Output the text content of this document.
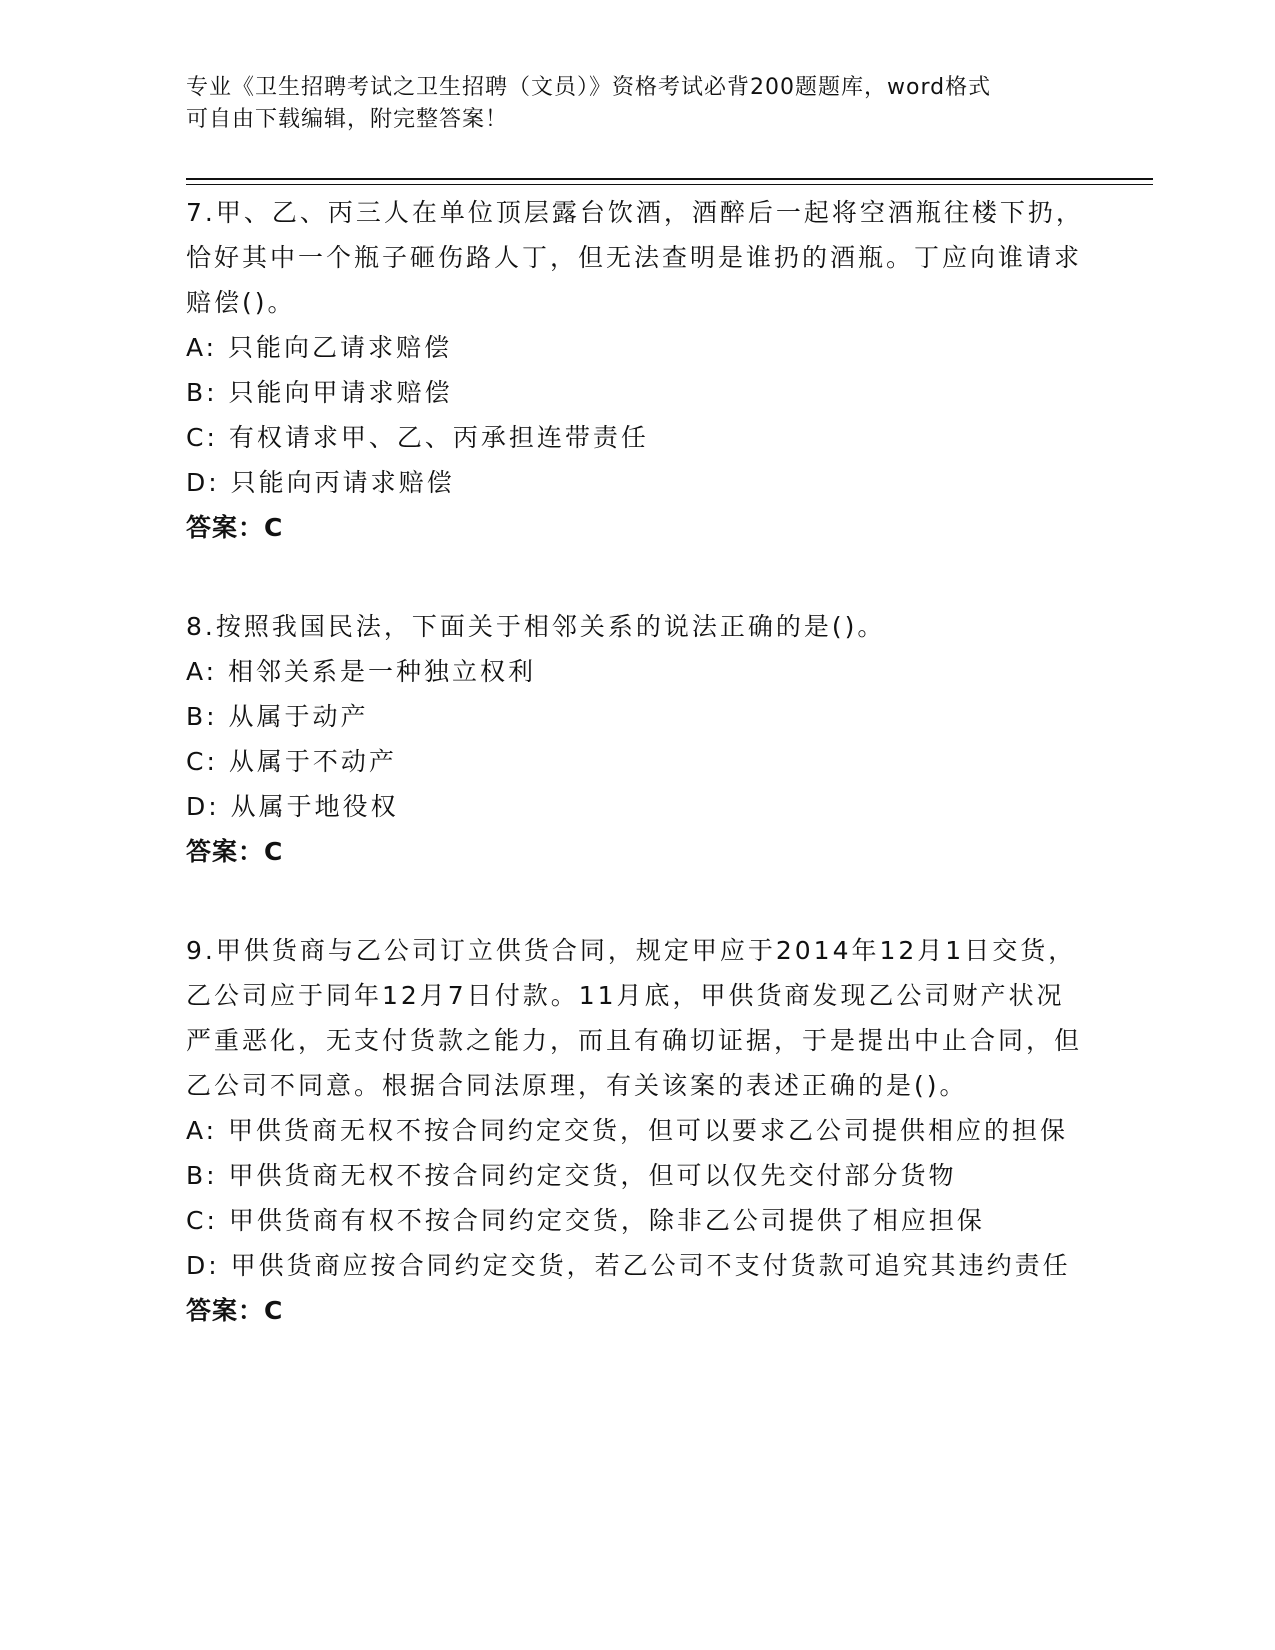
专业《卫生招聘考试之卫生招聘（文员）》资格考试必背200题题库，word格式
可自由下载编辑，附完整答案！

7.甲、乙、丙三人在单位顶层露台饮酒，酒醉后一起将空酒瓶往楼下扔，恰好其中一个瓶子砸伤路人丁，但无法查明是谁扔的酒瓶。丁应向谁请求赔偿()。

A: 只能向乙请求赔偿

B: 只能向甲请求赔偿

C: 有权请求甲、乙、丙承担连带责任

D: 只能向丙请求赔偿

答案：C

8.按照我国民法，下面关于相邻关系的说法正确的是()。

A: 相邻关系是一种独立权利

B: 从属于动产

C: 从属于不动产

D: 从属于地役权

答案：C

9.甲供货商与乙公司订立供货合同，规定甲应于2014年12月1日交货，乙公司应于同年12月7日付款。11月底，甲供货商发现乙公司财产状况严重恶化，无支付货款之能力，而且有确切证据，于是提出中止合同，但乙公司不同意。根据合同法原理，有关该案的表述正确的是()。

A: 甲供货商无权不按合同约定交货，但可以要求乙公司提供相应的担保

B: 甲供货商无权不按合同约定交货，但可以仅先交付部分货物

C: 甲供货商有权不按合同约定交货，除非乙公司提供了相应担保

D: 甲供货商应按合同约定交货，若乙公司不支付货款可追究其违约责任

答案：C
